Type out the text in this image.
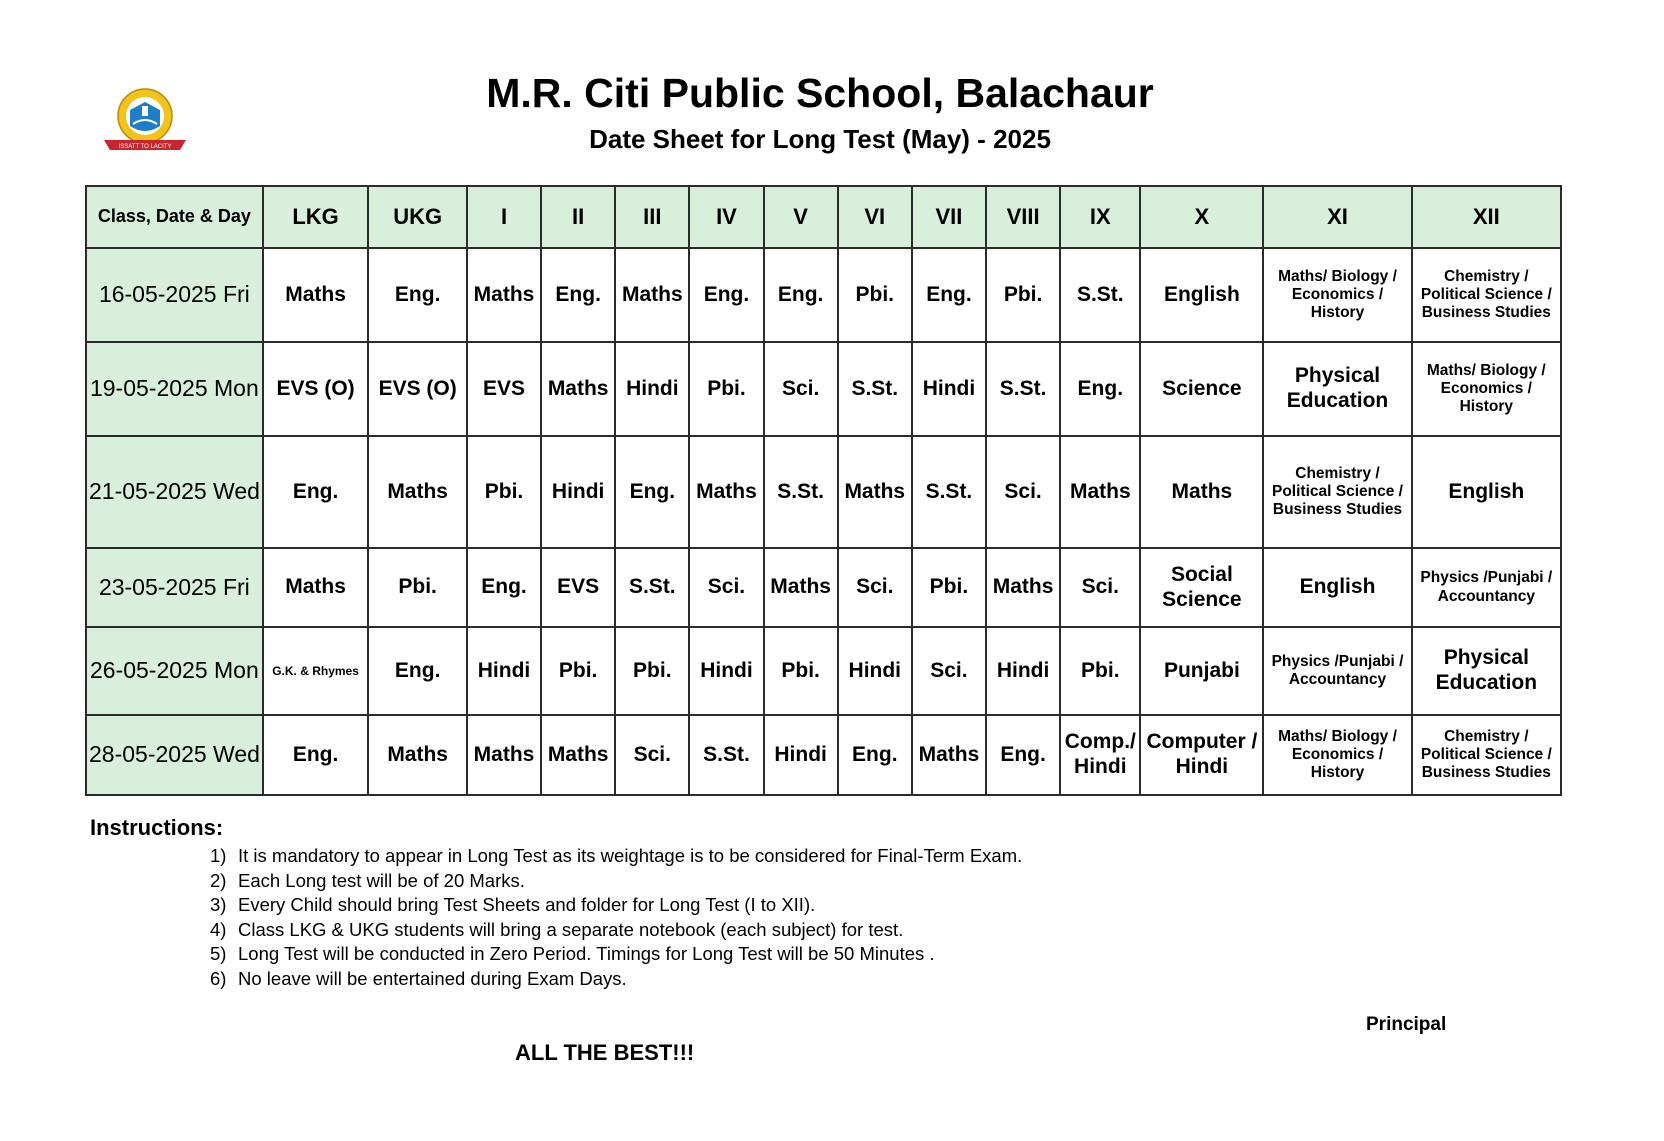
ISSATT TO LACITY
M.R. Citi Public School, Balachaur
Date Sheet for Long Test (May) - 2025
Class, Date & Day	LKG	UKG	I	II	III	IV	V	VI	VII	VIII	IX	X	XI	XII
16-05-2025 Fri	Maths	Eng.	Maths	Eng.	Maths	Eng.	Eng.	Pbi.	Eng.	Pbi.	S.St.	English	Maths/ Biology / Economics / History	Chemistry / Political Science / Business Studies
19-05-2025 Mon	EVS (O)	EVS (O)	EVS	Maths	Hindi	Pbi.	Sci.	S.St.	Hindi	S.St.	Eng.	Science	Physical Education	Maths/ Biology / Economics / History
21-05-2025 Wed	Eng.	Maths	Pbi.	Hindi	Eng.	Maths	S.St.	Maths	S.St.	Sci.	Maths	Maths	Chemistry / Political Science / Business Studies	English
23-05-2025 Fri	Maths	Pbi.	Eng.	EVS	S.St.	Sci.	Maths	Sci.	Pbi.	Maths	Sci.	Social Science	English	Physics /Punjabi / Accountancy
26-05-2025 Mon	G.K. & Rhymes	Eng.	Hindi	Pbi.	Pbi.	Hindi	Pbi.	Hindi	Sci.	Hindi	Pbi.	Punjabi	Physics /Punjabi / Accountancy	Physical Education
28-05-2025 Wed	Eng.	Maths	Maths	Maths	Sci.	S.St.	Hindi	Eng.	Maths	Eng.	Comp./ Hindi	Computer / Hindi	Maths/ Biology / Economics / History	Chemistry / Political Science / Business Studies
Instructions:
1) It is mandatory to appear in Long Test as its weightage is to be considered for Final-Term Exam.
2) Each Long test will be of 20 Marks.
3) Every Child should bring Test Sheets and folder for Long Test (I to XII).
4) Class LKG & UKG students will bring a separate notebook (each subject) for test.
5) Long Test will be conducted in Zero Period. Timings for Long Test will be 50 Minutes .
6) No leave will be entertained during Exam Days.
Principal
ALL THE BEST!!!
